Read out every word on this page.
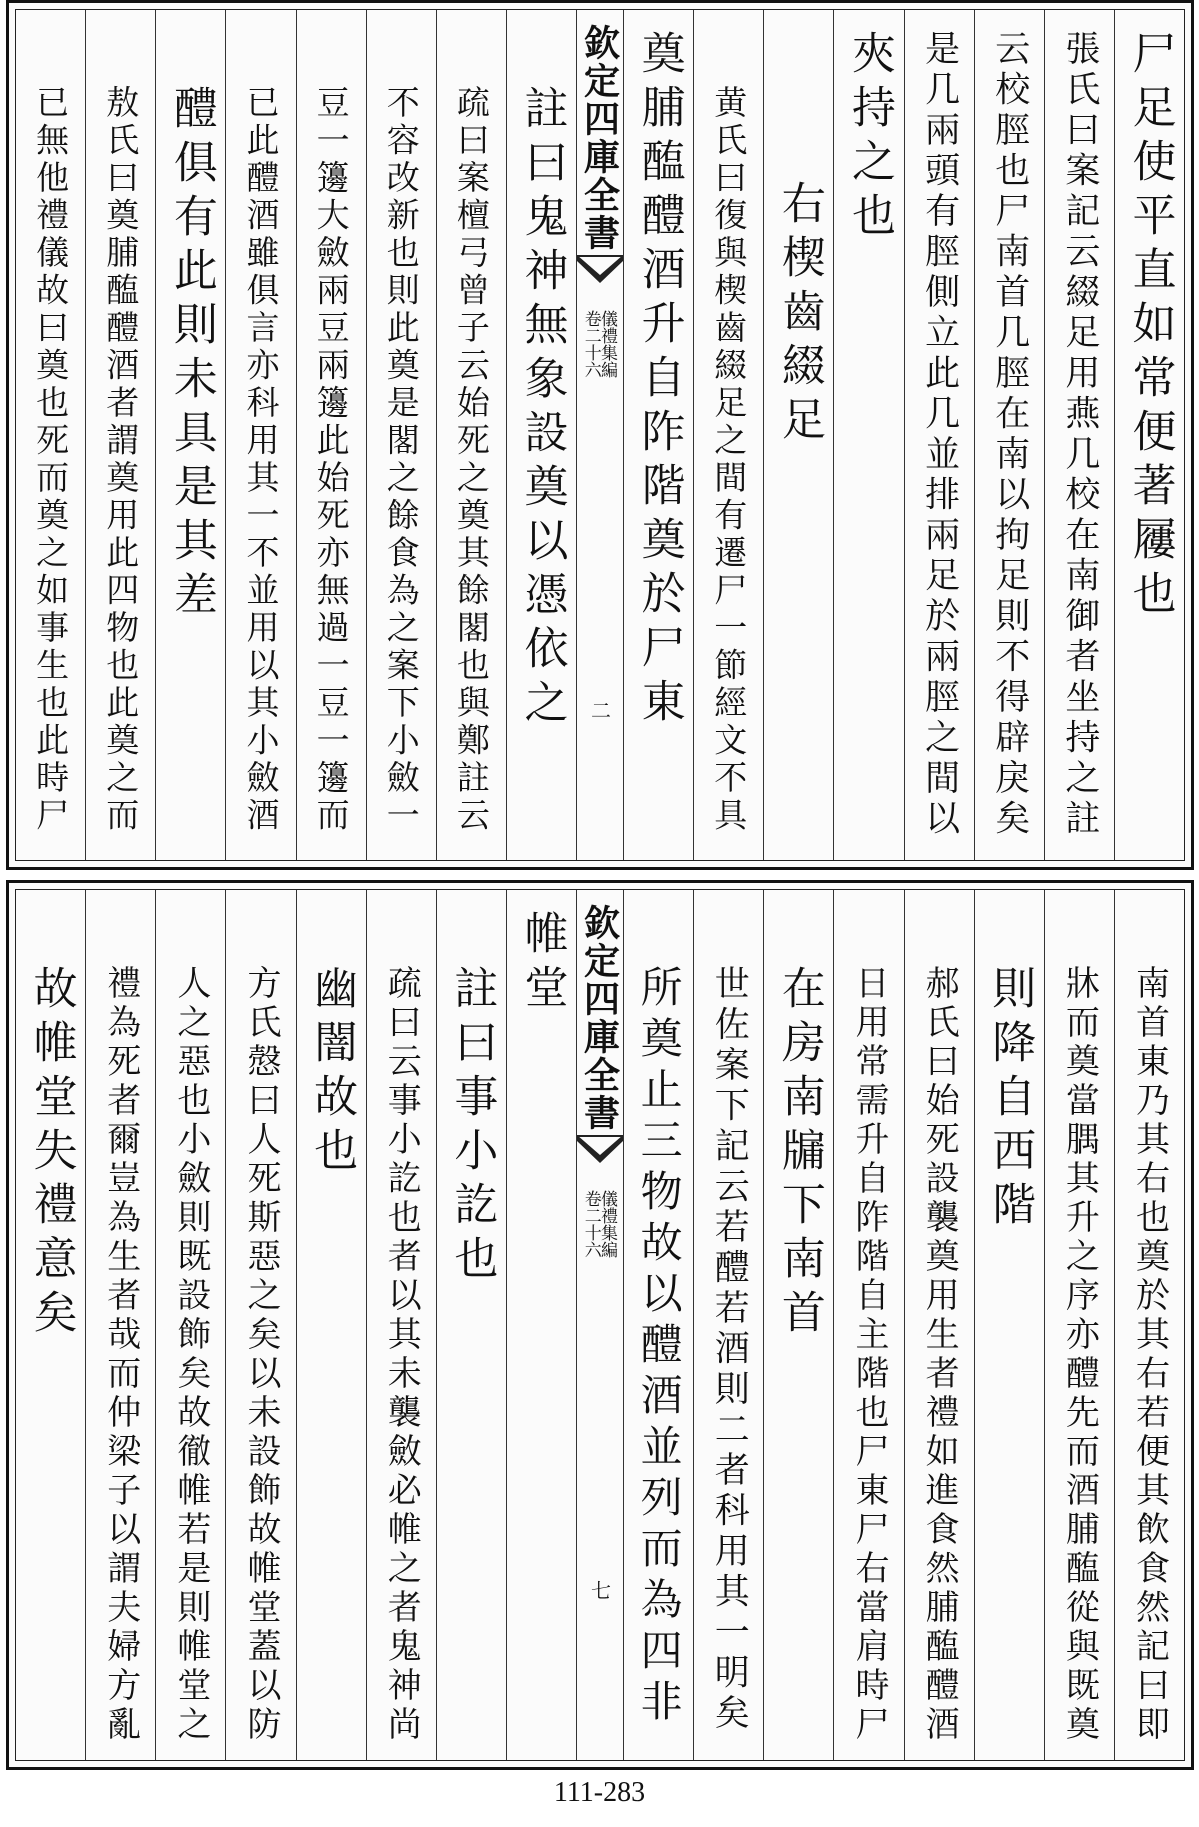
尸足使平直如常便著屨也
張氏曰案記云綴足用燕几校在南御者坐持之註
云校脛也尸南首几脛在南以拘足則不得辟戾矣
是几兩頭有脛側立此几並排兩足於兩脛之間以
夾持之也
右楔齒綴足
黄氏曰復與楔齒綴足之間有遷尸一節經文不具
奠脯醢醴酒升自阼階奠於尸東
欽定四庫全書
儀禮集編
卷二十六
二
註曰鬼神無象設奠以憑依之
疏曰案檀弓曾子云始死之奠其餘閣也與鄭註云
不容改新也則此奠是閣之餘食為之案下小斂一
豆一籩大斂兩豆兩籩此始死亦無過一豆一籩而
已此醴酒雖俱言亦科用其一不並用以其小斂酒
醴俱有此則未具是其差
敖氏曰奠脯醢醴酒者謂奠用此四物也此奠之而
已無他禮儀故曰奠也死而奠之如事生也此時尸
南首東乃其右也奠於其右若便其飲食然記曰即
牀而奠當腢其升之序亦醴先而酒脯醢從與既奠
則降自西階
郝氏曰始死設襲奠用生者禮如進食然脯醢醴酒
日用常需升自阼階自主階也尸東尸右當肩時尸
在房南牖下南首
世佐案下記云若醴若酒則二者科用其一明矣
所奠止三物故以醴酒並列而為四非
欽定四庫全書
儀禮集編
卷二十六
七
帷堂
註曰事小訖也
疏曰云事小訖也者以其未襲斂必帷之者鬼神尚
幽闇故也
方氏慤曰人死斯惡之矣以未設飾故帷堂蓋以防
人之惡也小斂則既設飾矣故徹帷若是則帷堂之
禮為死者爾豈為生者哉而仲梁子以謂夫婦方亂
故帷堂失禮意矣
111-283
